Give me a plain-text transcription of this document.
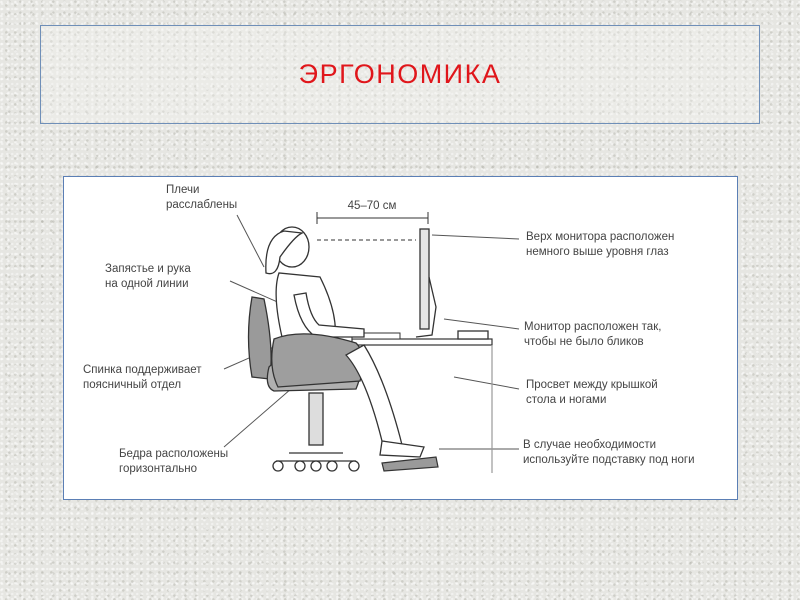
ЭРГОНОМИКА
45–70 см
Плечи
расслаблены
Запястье и рука
на одной линии
Спинка поддерживает
поясничный отдел
Бедра расположены
горизонтально
Верх монитора расположен
немного выше уровня глаз
Монитор расположен так,
чтобы не было бликов
Просвет между крышкой
стола и ногами
В случае необходимости
используйте подставку под ноги
